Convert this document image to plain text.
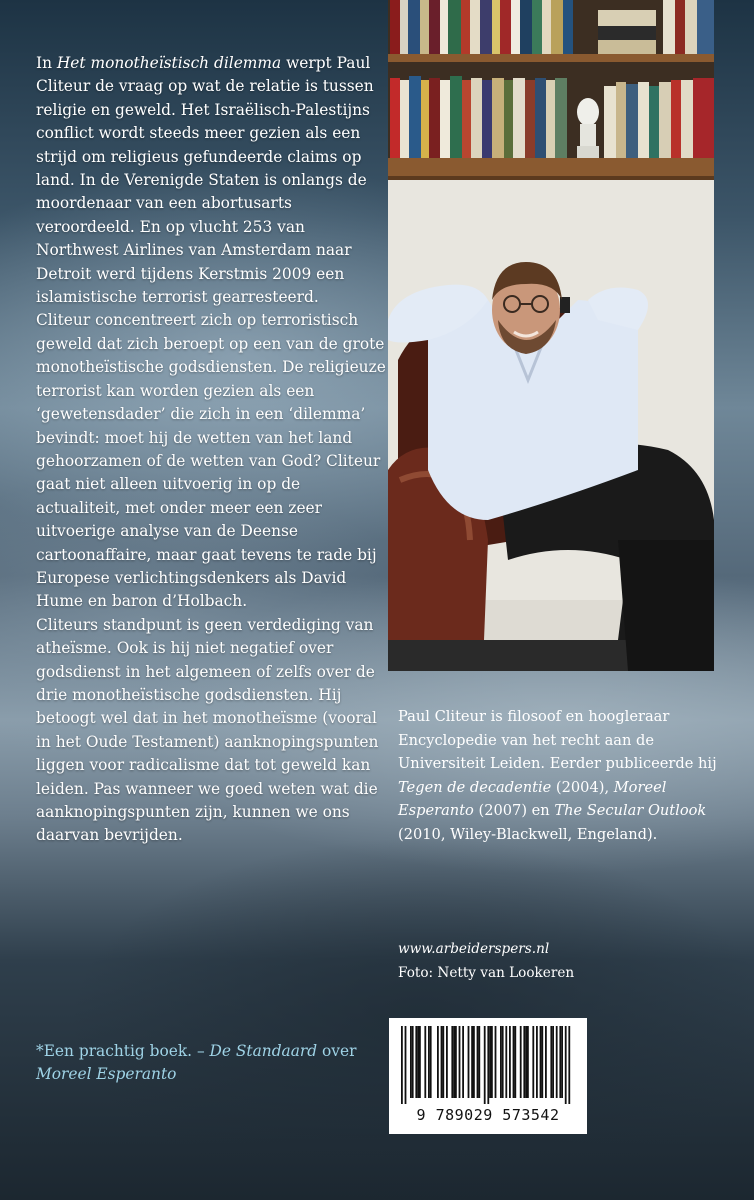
In Het monotheïstisch dilemma werpt Paul Cliteur de vraag op wat de relatie is tussen religie en geweld. Het Israëlisch-Palestijns conflict wordt steeds meer gezien als een strijd om religieus gefundeerde claims op land. In de Verenigde Staten is onlangs de moordenaar van een abortusarts veroordeeld. En op vlucht 253 van Northwest Airlines van Amsterdam naar Detroit werd tijdens Kerstmis 2009 een islamistische terrorist gearresteerd.

Cliteur concentreert zich op terroristisch geweld dat zich beroept op een van de grote monotheïstische godsdiensten. De religieuze terrorist kan worden gezien als een ‘gewetensdader’ die zich in een ‘dilemma’ bevindt: moet hij de wetten van het land gehoorzamen of de wetten van God? Cliteur gaat niet alleen uitvoerig in op de actualiteit, met onder meer een zeer uitvoerige analyse van de Deense cartoonaffaire, maar gaat tevens te rade bij Europese verlichtingsdenkers als David Hume en baron d’Holbach.

Cliteurs standpunt is geen verdediging van atheïsme. Ook is hij niet negatief over godsdienst in het algemeen of zelfs over de drie monotheïstische godsdiensten. Hij betoogt wel dat in het monotheïsme (vooral in het Oude Testament) aanknopingspunten liggen voor radicalisme dat tot geweld kan leiden. Pas wanneer we goed weten wat die aanknopingspunten zijn, kunnen we ons daarvan bevrijden.

*Een prachtig boek. – De Standaard over
Moreel Esperanto
Paul Cliteur is filosoof en hoogleraar Encyclopedie van het recht aan de Universiteit Leiden. Eerder publiceerde hij Tegen de decadentie (2004), Moreel Esperanto (2007) en The Secular Outlook (2010, Wiley-Blackwell, Engeland).
www.arbeiderspers.nl
Foto: Netty van Lookeren
9 789029 573542
